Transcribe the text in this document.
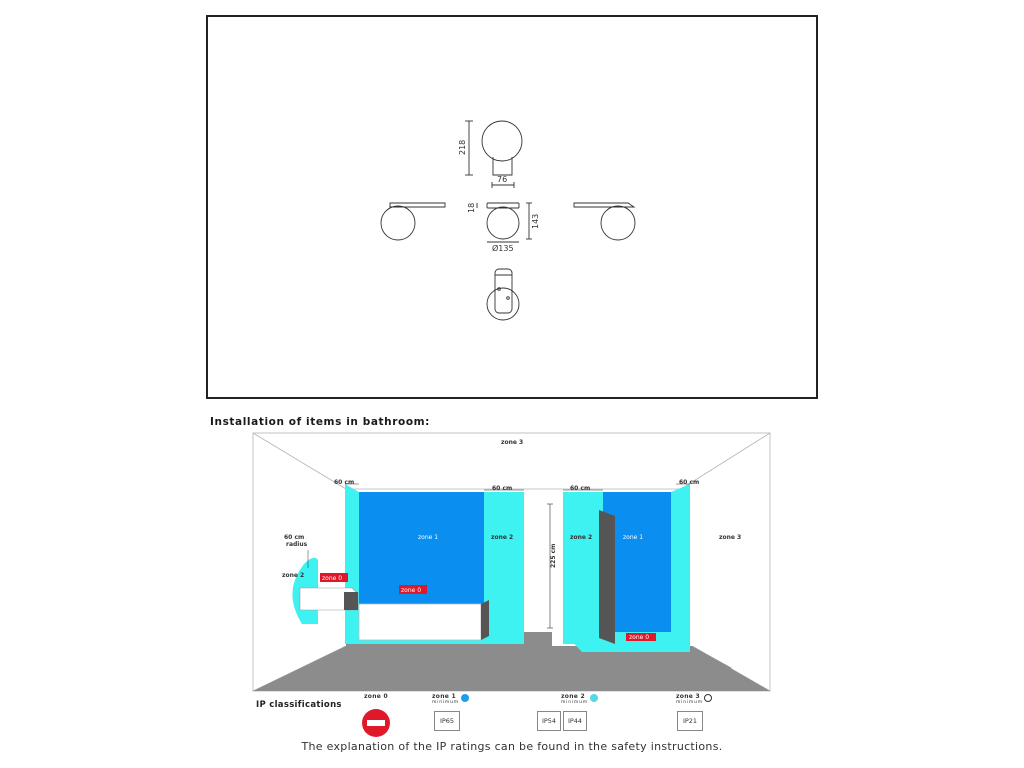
218
76
18
143
Ø135
Installation of items in bathroom:
zone 3
zone 3
zone 1	zone 1
zone 2	zone 2
zone 2	zone 0
zone 0
zone 0
60 cm
60 cm	60 cm
60 cm
60 cm
radius	225 cm
IP classifications
zone 0	zone 1
minimum
IP65
zone 2
minimum
IP54	IP44
zone 3
minimum
IP21
The explanation of the IP ratings can be found in the safety instructions.
